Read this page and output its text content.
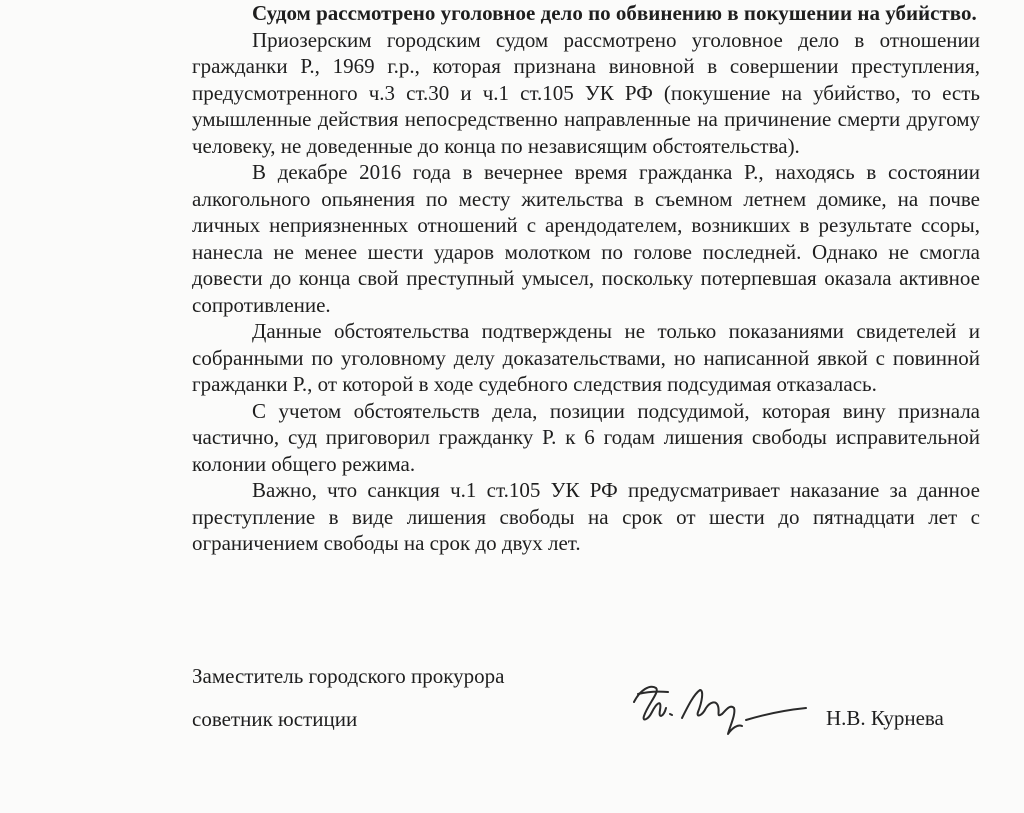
Судом рассмотрено уголовное дело по обвинению в покушении на убийство.

Приозерским городским судом рассмотрено уголовное дело в отношении гражданки Р., 1969 г.р., которая признана виновной в совершении преступления, предусмотренного ч.3 ст.30 и ч.1 ст.105 УК РФ (покушение на убийство, то есть умышленные действия непосредственно направленные на причинение смерти другому человеку, не доведенные до конца по независящим обстоятельства).

В декабре 2016 года в вечернее время гражданка Р., находясь в состоянии алкогольного опьянения по месту жительства в съемном летнем домике, на почве личных неприязненных отношений с арендодателем, возникших в результате ссоры, нанесла не менее шести ударов молотком по голове последней. Однако не смогла довести до конца свой преступный умысел, поскольку потерпевшая оказала активное сопротивление.

Данные обстоятельства подтверждены не только показаниями свидетелей и собранными по уголовному делу доказательствами, но написанной явкой с повинной гражданки Р., от которой в ходе судебного следствия подсудимая отказалась.

С учетом обстоятельств дела, позиции подсудимой, которая вину признала частично, суд приговорил гражданку Р. к 6 годам лишения свободы исправительной колонии общего режима.

Важно, что санкция ч.1 ст.105 УК РФ предусматривает наказание за данное преступление в виде лишения свободы на срок от шести до пятнадцати лет с ограничением свободы на срок до двух лет.

Заместитель городского прокурора
советник юстиции	Н.В. Курнева
